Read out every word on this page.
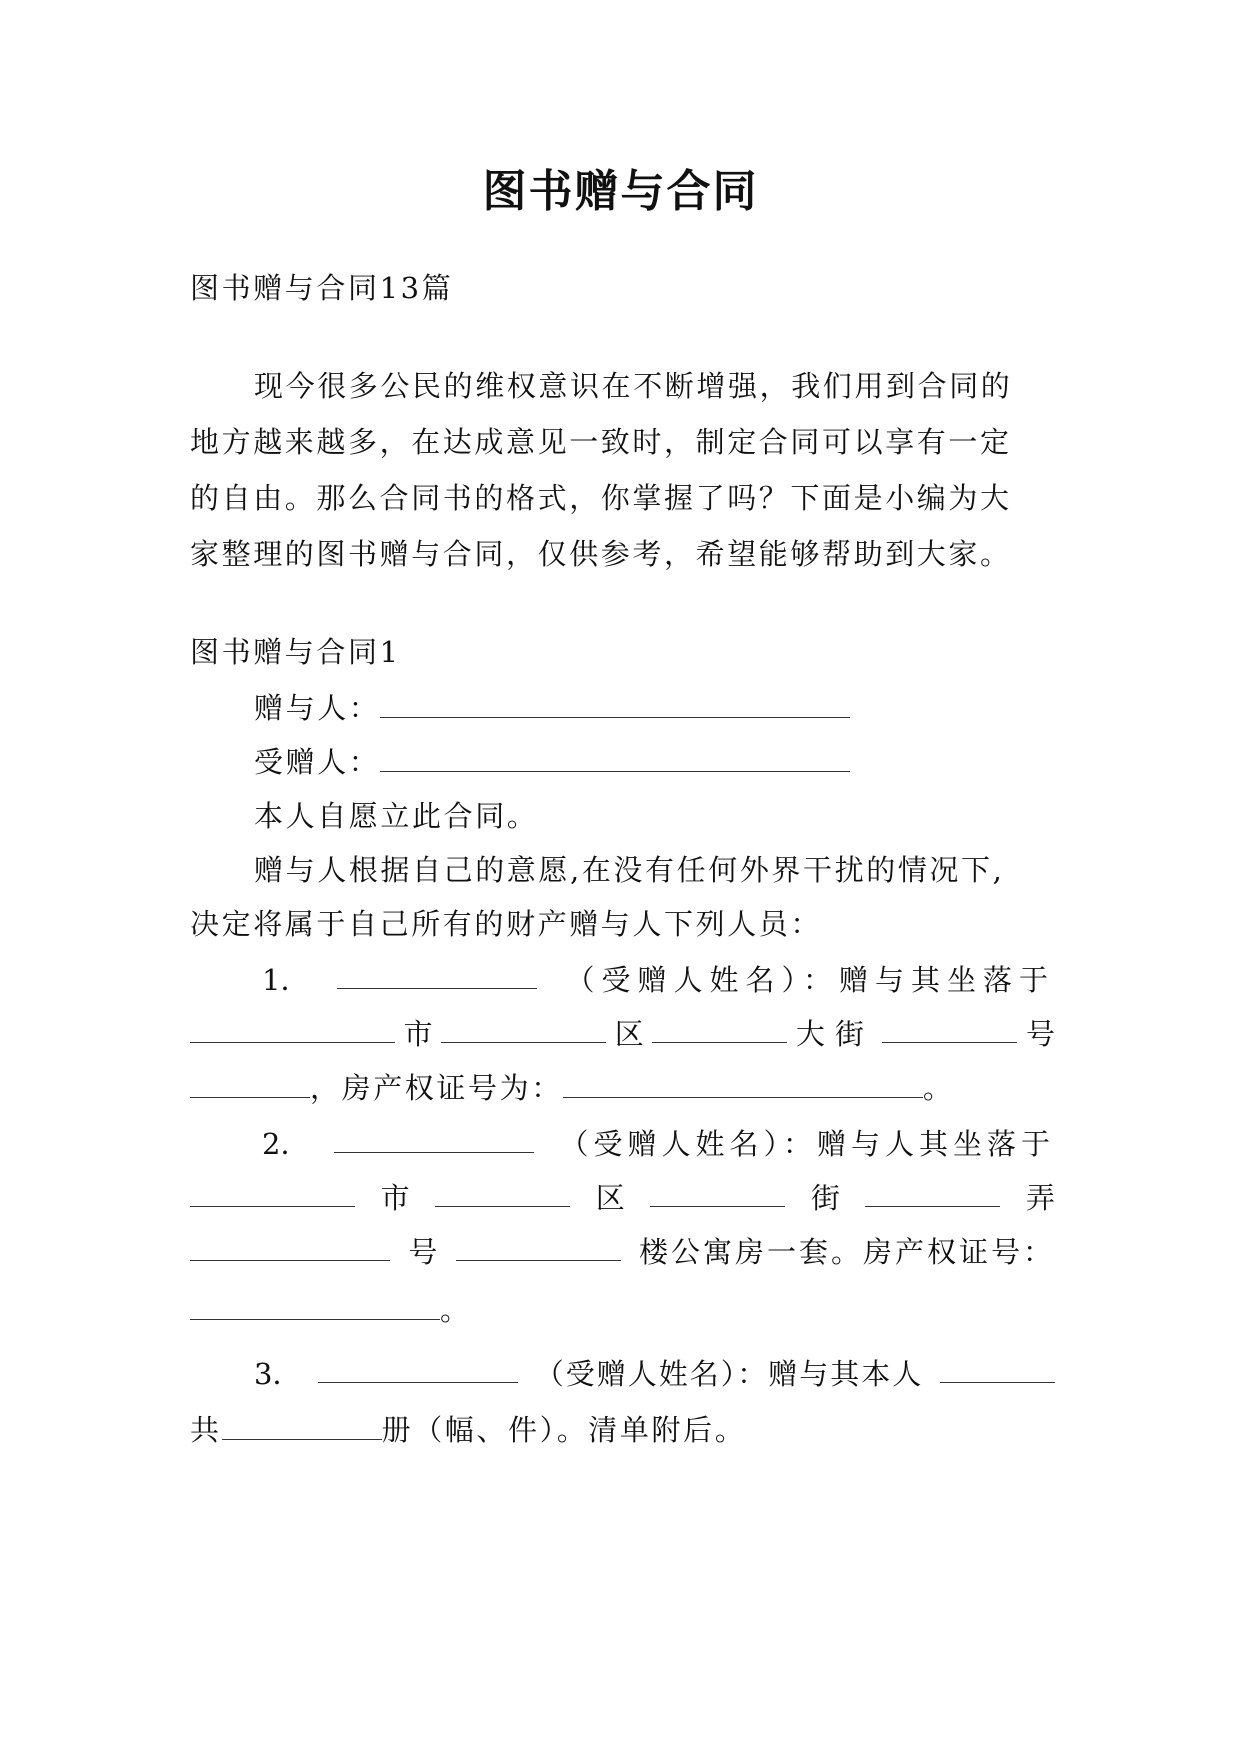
图书赠与合同
图书赠与合同13篇
现今很多公民的维权意识在不断增强，我们用到合同的
地方越来越多，在达成意见一致时，制定合同可以享有一定
的自由。那么合同书的格式，你掌握了吗？下面是小编为大
家整理的图书赠与合同，仅供参考，希望能够帮助到大家。
图书赠与合同1
赠与人：
受赠人：
本人自愿立此合同。
赠与人根据自己的意愿,在没有任何外界干扰的情况下,
决定将属于自己所有的财产赠与人下列人员：
1．	（受赠人姓名）：赠与其坐落于
市	区	大街	号
，房产权证号为：	。
2．	（受赠人姓名）：赠与人其坐落于
市	区	街	弄
号	楼公寓房一套。房产权证号：
。
3．	（受赠人姓名）：赠与其本人
共	册（幅、件）。清单附后。
